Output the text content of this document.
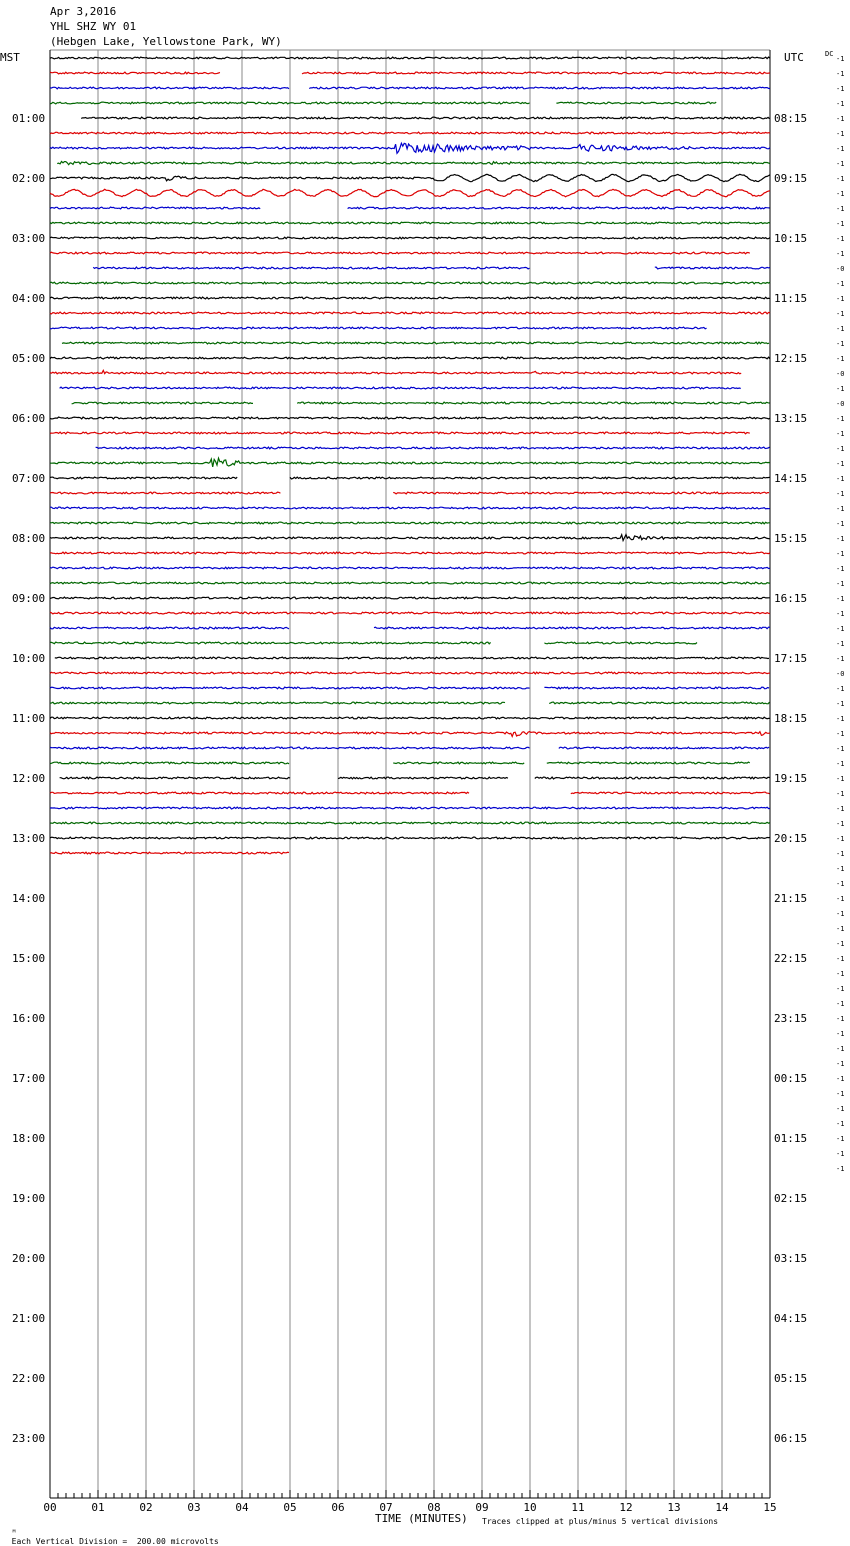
Apr 3,2016
YHL SHZ WY 01
(Hebgen Lake, Yellowstone Park, WY)
MST	UTC	DC
01:00
02:00
03:00
04:00
05:00
06:00
07:00
08:00
09:00
10:00
11:00
12:00
13:00
14:00
15:00
16:00
17:00
18:00
19:00
20:00
21:00
22:00
23:00
08:15
09:15
10:15
11:15
12:15
13:15
14:15
15:15
16:15
17:15
18:15
19:15
20:15
21:15
22:15
23:15
00:15
01:15
02:15
03:15
04:15
05:15
06:15
-1
-1
-1
-1
-1
-1
-1
-1
-1
-1
-1
-1
-1
-1
-0
-1
-1
-1
-1
-1
-1
-0
-1
-0
-1
-1
-1
-1
-1
-1
-1
-1
-1
-1
-1
-1
-1
-1
-1
-1
-1
-0
-1
-1
-1
-1
-1
-1
-1
-1
-1
-1
-1
-1
-1
-1
-1
-1
-1
-1
-1
-1
-1
-1
-1
-1
-1
-1
-1
-1
-1
-1
-1
-1
-1
00	01	02	03	04	05	06	07	08	09	10	11	12	13	14	15
TIME (MINUTES)

ᴹ
Each Vertical Division =  200.00 microvolts

Traces clipped at plus/minus 5 vertical divisions
